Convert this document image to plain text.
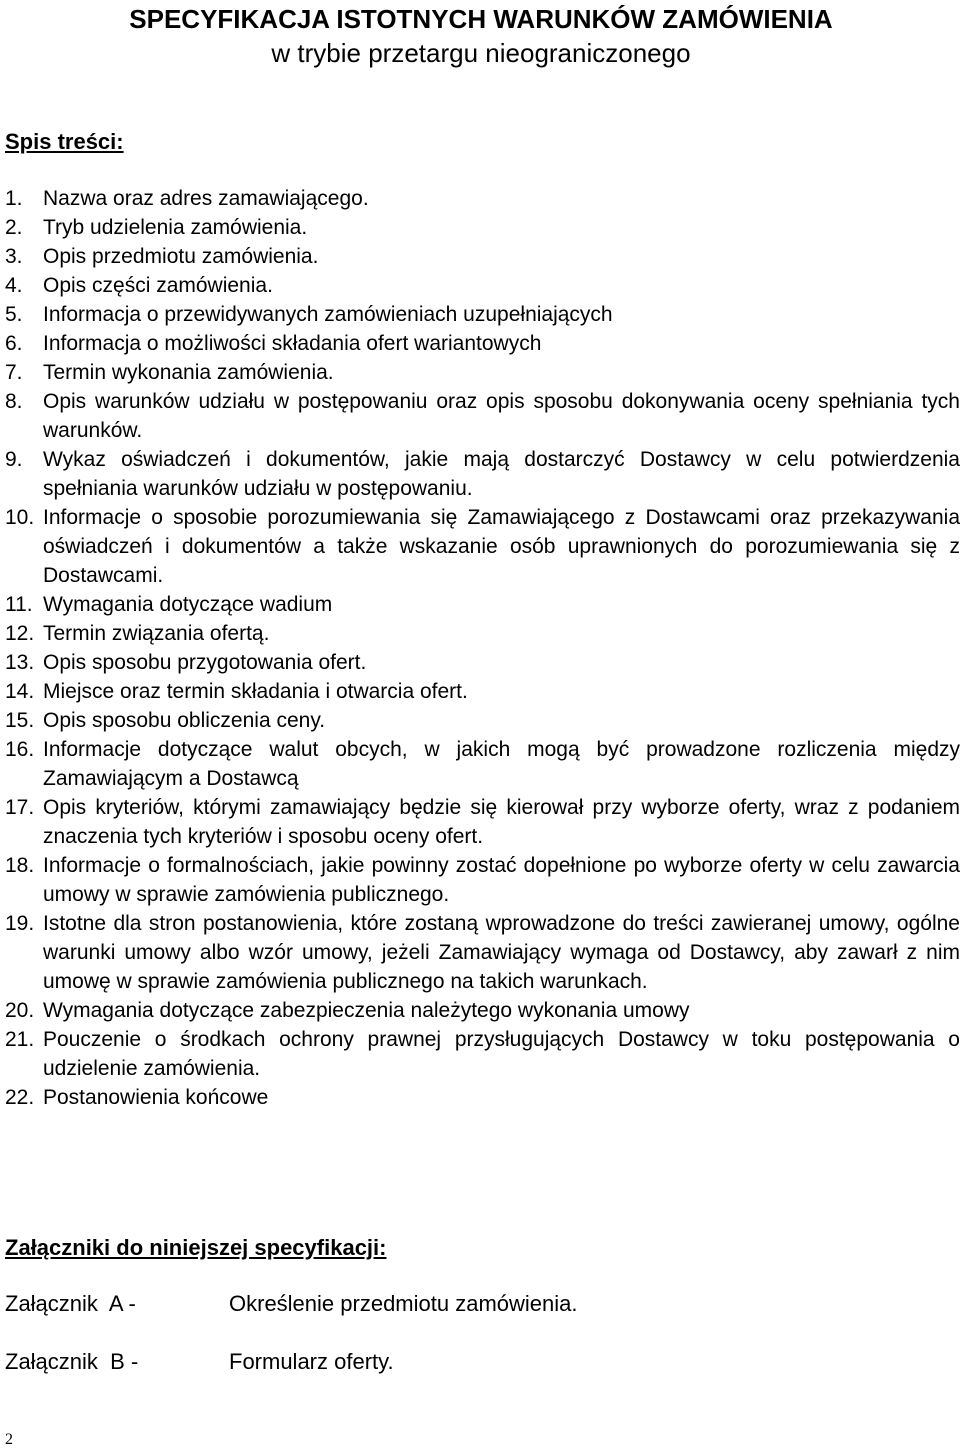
SPECYFIKACJA ISTOTNYCH WARUNKÓW ZAMÓWIENIA
w trybie przetargu nieograniczonego
Spis treści:
1. Nazwa oraz adres zamawiającego.
2. Tryb udzielenia zamówienia.
3. Opis przedmiotu zamówienia.
4. Opis części zamówienia.
5. Informacja o przewidywanych zamówieniach uzupełniających
6. Informacja o możliwości składania ofert wariantowych
7. Termin wykonania zamówienia.
8. Opis warunków udziału w postępowaniu oraz opis sposobu dokonywania oceny spełniania tych warunków.
9. Wykaz oświadczeń i dokumentów, jakie mają dostarczyć Dostawcy w celu potwierdzenia spełniania warunków udziału w postępowaniu.
10. Informacje o sposobie porozumiewania się Zamawiającego z Dostawcami oraz przekazywania oświadczeń i dokumentów a także wskazanie osób uprawnionych do porozumiewania się z Dostawcami.
11. Wymagania dotyczące wadium
12. Termin związania ofertą.
13. Opis sposobu przygotowania ofert.
14. Miejsce oraz termin składania i otwarcia ofert.
15. Opis sposobu obliczenia ceny.
16. Informacje dotyczące walut obcych, w jakich mogą być prowadzone rozliczenia między Zamawiającym a Dostawcą
17. Opis kryteriów, którymi zamawiający będzie się kierował przy wyborze oferty, wraz z podaniem znaczenia tych kryteriów i sposobu oceny ofert.
18. Informacje o formalnościach, jakie powinny zostać dopełnione po wyborze oferty w celu zawarcia umowy w sprawie zamówienia publicznego.
19. Istotne dla stron postanowienia, które zostaną wprowadzone do treści zawieranej umowy, ogólne warunki umowy albo wzór umowy, jeżeli Zamawiający wymaga od Dostawcy, aby zawarł z nim umowę w sprawie zamówienia publicznego na takich warunkach.
20. Wymagania dotyczące zabezpieczenia należytego wykonania umowy
21. Pouczenie o środkach ochrony prawnej przysługujących Dostawcy w toku postępowania o udzielenie zamówienia.
22. Postanowienia końcowe
Załączniki do niniejszej specyfikacji:
Załącznik  A -	Określenie przedmiotu zamówienia.
Załącznik  B -	Formularz oferty.
2
